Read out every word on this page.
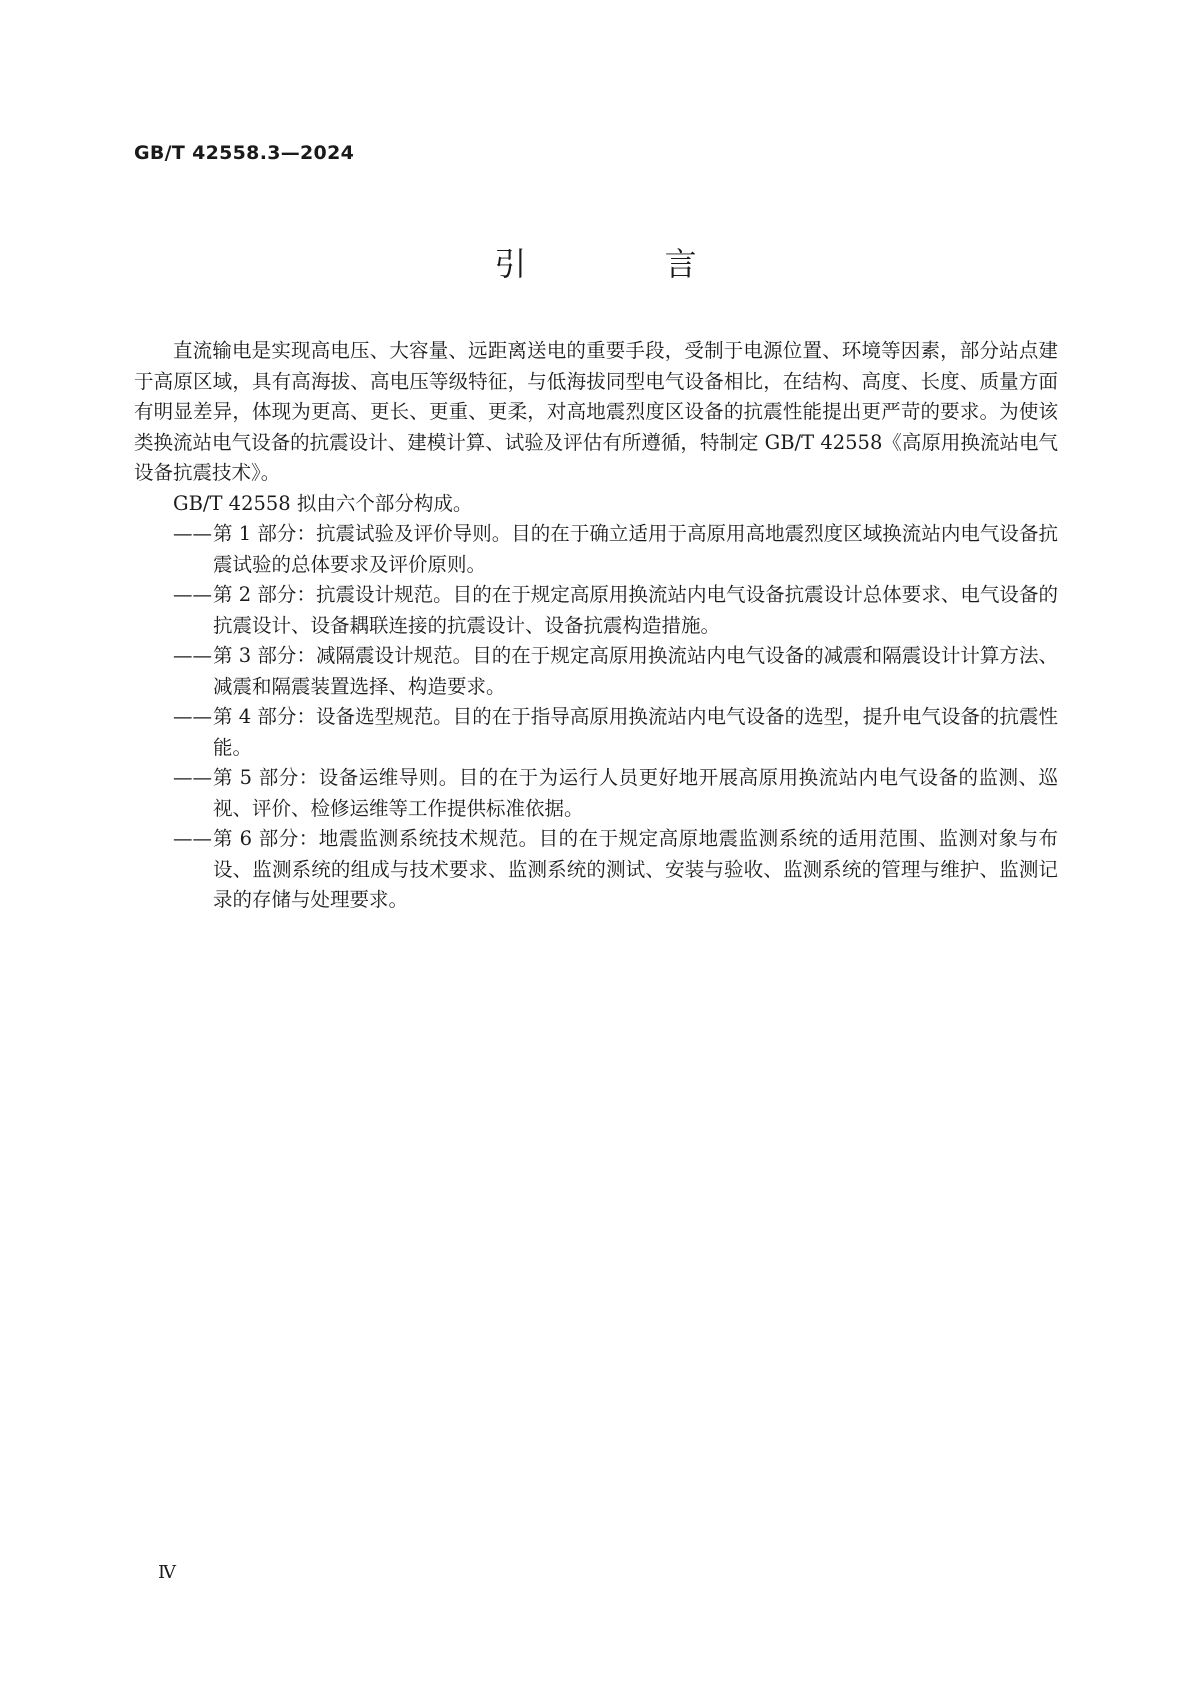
GB/T 42558.3—2024
引 言

直流输电是实现高电压、大容量、远距离送电的重要手段，受制于电源位置、环境等因素，部分站点建于高原区域，具有高海拔、高电压等级特征，与低海拔同型电气设备相比，在结构、高度、长度、质量方面有明显差异，体现为更高、更长、更重、更柔，对高地震烈度区设备的抗震性能提出更严苛的要求。为使该类换流站电气设备的抗震设计、建模计算、试验及评估有所遵循，特制定 GB/T 42558《高原用换流站电气设备抗震技术》。

GB/T 42558 拟由六个部分构成。

—— 第 1 部分：抗震试验及评价导则。目的在于确立适用于高原用高地震烈度区域换流站内电气设备抗震试验的总体要求及评价原则。
—— 第 2 部分：抗震设计规范。目的在于规定高原用换流站内电气设备抗震设计总体要求、电气设备的抗震设计、设备耦联连接的抗震设计、设备抗震构造措施。
—— 第 3 部分：减隔震设计规范。目的在于规定高原用换流站内电气设备的减震和隔震设计计算方法、减震和隔震装置选择、构造要求。
—— 第 4 部分：设备选型规范。目的在于指导高原用换流站内电气设备的选型，提升电气设备的抗震性能。
—— 第 5 部分：设备运维导则。目的在于为运行人员更好地开展高原用换流站内电气设备的监测、巡视、评价、检修运维等工作提供标准依据。
—— 第 6 部分：地震监测系统技术规范。目的在于规定高原地震监测系统的适用范围、监测对象与布设、监测系统的组成与技术要求、监测系统的测试、安装与验收、监测系统的管理与维护、监测记录的存储与处理要求。
Ⅳ
